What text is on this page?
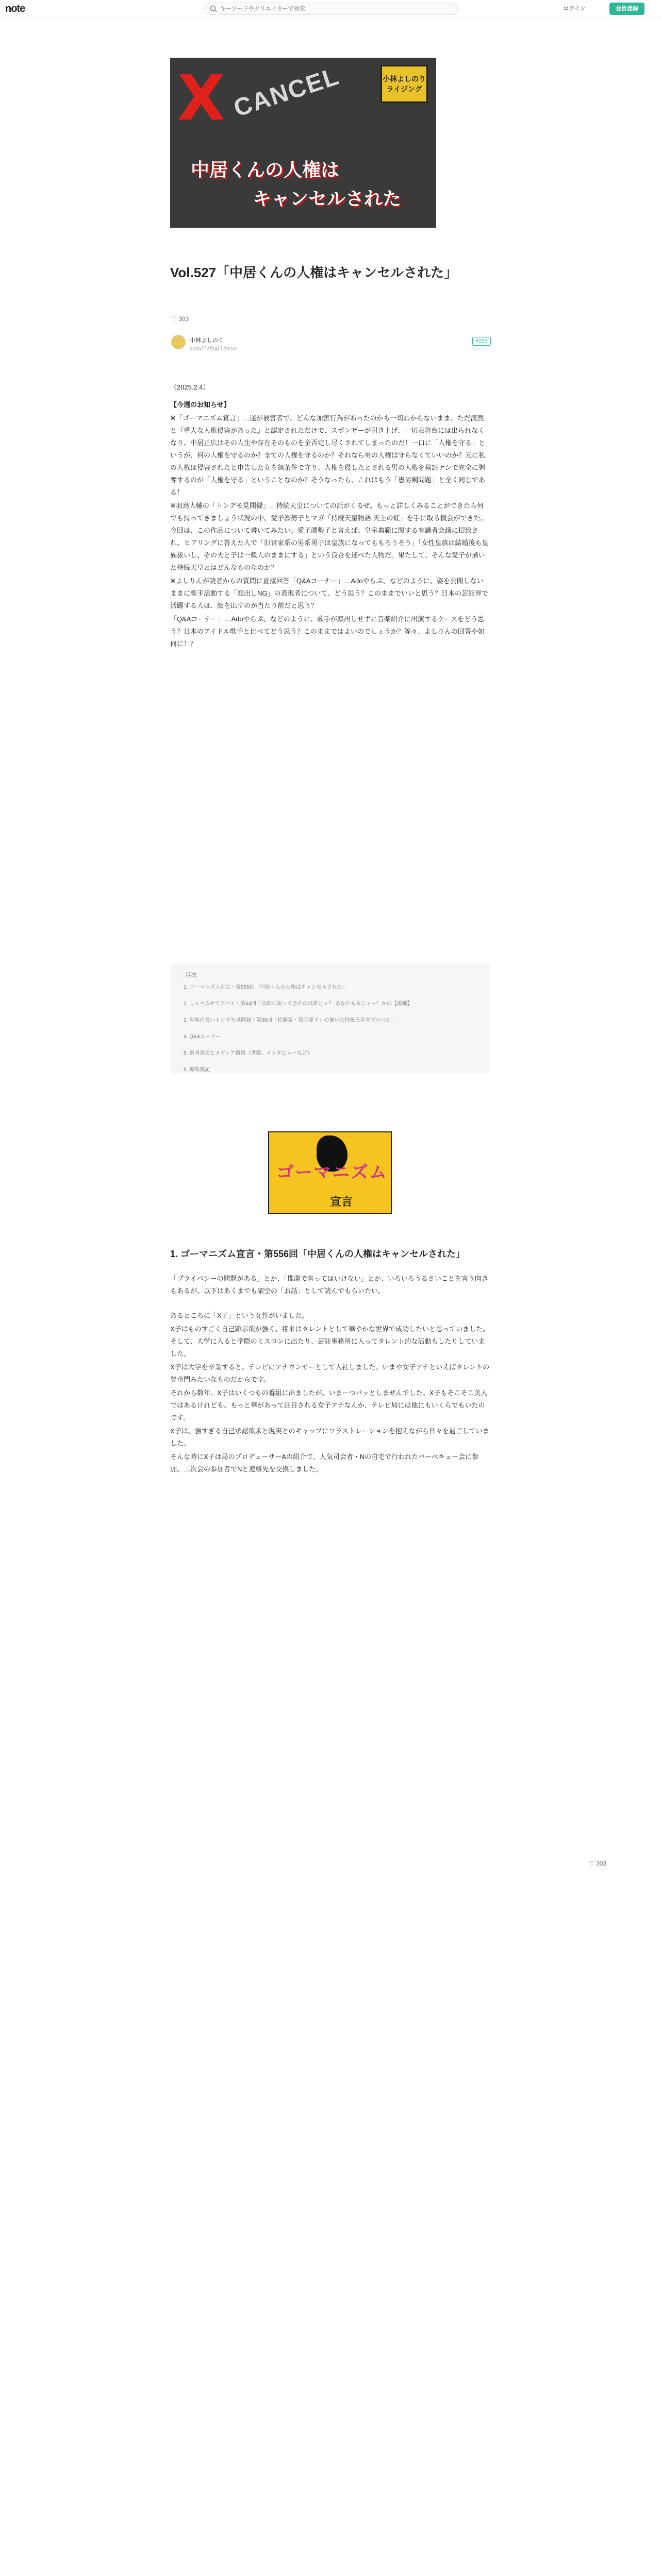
note
キーワードやクリエイターで検索	ログイン	会員登録
X CANCEL	小林よしのり ライジング
中居くんの人権は
キャンセルされた
Vol.527「中居くんの人権はキャンセルされた」
♡ 303
小林よしのり
2025年2月4日 19:52
¥250

（2025.2.4）

【今週のお知らせ】

※「ゴーマニズム宣言」…遂が被害者で、どんな加害行為があったのかも一切わからないまま、ただ漠然と『重大な人権侵害があった』と認定されただけで、スポンサーが引き上げ、一切表舞台には出られなくなり、中居正広はその人生や存在そのものを全否定し尽くされてしまったのだ！一口に「人権を守る」というが、何の人権を守るのか？全ての人権を守るのか？それなら男の人権は守らなくていいのか？元に私の人権は侵害されたと申告した女を無条件で守り、人権を侵したとされる男の人権を検証ナシで完全に剥奪するのが「人権を守る」ということなのか？そうなったら、これはもう「愚劣鋼問題」と全く同じである！

※羽鳥大輔の「トンデモ見聞録」…持続天皇についての話がくるぜ。もっと詳しくみることができたら何でも持ってきましょう状況の中、愛子漂勢子とマガ「持続天皇物語 天上の虹」を手に取る機会ができた。今回は、この作品について書いてみたい。愛子漂勢子と言えば、皇室典範に関する有識者会議に招致され、ヒアリングに答えた人で「旧宮家系の男系男子は皇族になってももろうそう」「女性皇族は結婚後も皇族扱いし、その夫と子は一般人のままにする」という良否を述べた人物だ。果たして、そんな愛子が描いた持続天皇とはどんなものなのか？

※よしりんが読者からの質問に直接回答「Q&Aコーナー」…Adoやらぷ、などのように、姿を公開しないままに歌手活動する「顔出しNG」の表現者について、どう思う？このままでいいと思う？日本の芸能界で活躍する人は、顔を出すのが当たり前だと思う？

「Q&Aコーナー」…Adoやらぷ、などのように、歌手が顔出しせずに音楽紹介に出演するケースをどう思う？日本のアイドル歌手と比べてどう思う？このままではよいのでしょうか？等々、よしりんの回答や如何に！？

≡ 目次
1. ゴーマニズム宣言・第556回「中居くんの人権はキャンセルされた」
2. しゃべらせてアバイ・第44回「次郎に戻ってきたのは誰じゃ？ あなたも本じゃー！かの【後編】
3. 皇族の長いトンデモ見聞録・第38回「佐藤家・第宗愛子」の描いた持統天皇ダブルバカ」
4. Q&Aコーナー
5. 新刊発売とメディア情報（書籍、インタビューなど）
6. 編集後記
ゴーマニズム
宣言
1. ゴーマニズム宣言・第556回「中居くんの人権はキャンセルされた」

「プライバシーの問題がある」とか、「推測で言ってはいけない」とか、いろいろうるさいことを言う向きもあるが、以下はあくまでも架空の「お話」として読んでもらいたい。

あるところに「X子」という女性がいました。

X子はものすごく自己顕示欲が強く、将来はタレントとして華やかな世界で成功したいと思っていました。そして、大学に入ると学際のミスコンに出たり、芸能事務所に入ってタレント的な活動もしたりしていました。

X子は大学を卒業すると、テレビにアナウンサーとして入社しました。いまや女子アナといえばタレントの登竜門みたいなものだからです。

それから数年、X子はいくつもの番組に出ましたが、いまーつパッとしませんでした。X子もそこそこ美人ではあるけれども、もっと華があって注目される女子アナなんか、テレビ局には他にもいくらでもいたのです。

X子は、強すぎる自己承認欲求と現実とのギャップにフラストレーションを抱えながら日々を過ごしていました。

そんな時にX子は局のプロデューサーAの紹介で、人気司会者・Nの自宅で行われたバーベキュー会に参加。二次会の参加者でNと連絡先を交換しました。

♡ 303
